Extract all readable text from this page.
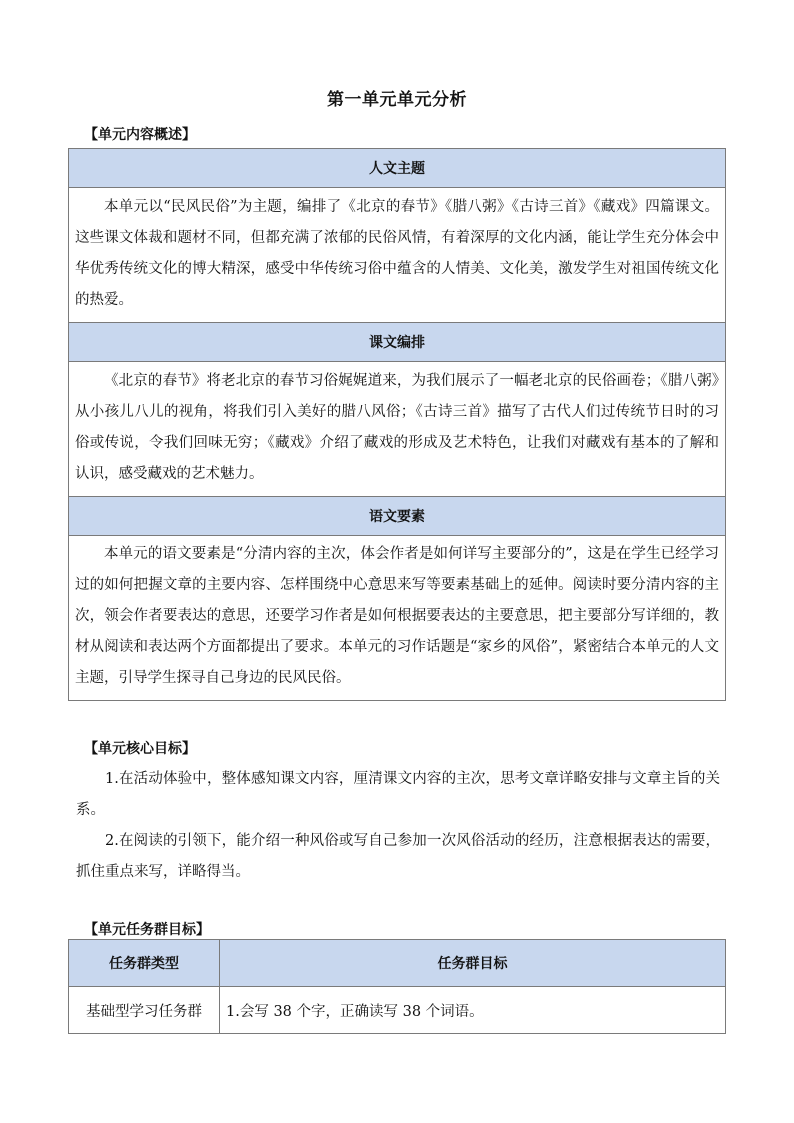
第一单元单元分析
【单元内容概述】
人文主题
本单元以“民风民俗”为主题，编排了《北京的春节》《腊八粥》《古诗三首》《藏戏》四篇课文。这些课文体裁和题材不同，但都充满了浓郁的民俗风情，有着深厚的文化内涵，能让学生充分体会中华优秀传统文化的博大精深，感受中华传统习俗中蕴含的人情美、文化美，激发学生对祖国传统文化的热爱。
课文编排
《北京的春节》将老北京的春节习俗娓娓道来，为我们展示了一幅老北京的民俗画卷；《腊八粥》从小孩儿八儿的视角，将我们引入美好的腊八风俗；《古诗三首》描写了古代人们过传统节日时的习俗或传说，令我们回味无穷；《藏戏》介绍了藏戏的形成及艺术特色，让我们对藏戏有基本的了解和认识，感受藏戏的艺术魅力。
语文要素
本单元的语文要素是“分清内容的主次，体会作者是如何详写主要部分的”，这是在学生已经学习过的如何把握文章的主要内容、怎样围绕中心意思来写等要素基础上的延伸。阅读时要分清内容的主次，领会作者要表达的意思，还要学习作者是如何根据要表达的主要意思，把主要部分写详细的，教材从阅读和表达两个方面都提出了要求。本单元的习作话题是“家乡的风俗”，紧密结合本单元的人文主题，引导学生探寻自己身边的民风民俗。
【单元核心目标】
1.在活动体验中，整体感知课文内容，厘清课文内容的主次，思考文章详略安排与文章主旨的关系。
2.在阅读的引领下，能介绍一种风俗或写自己参加一次风俗活动的经历，注意根据表达的需要，抓住重点来写，详略得当。
【单元任务群目标】
任务群类型	任务群目标
基础型学习任务群	1.会写 38 个字，正确读写 38 个词语。
